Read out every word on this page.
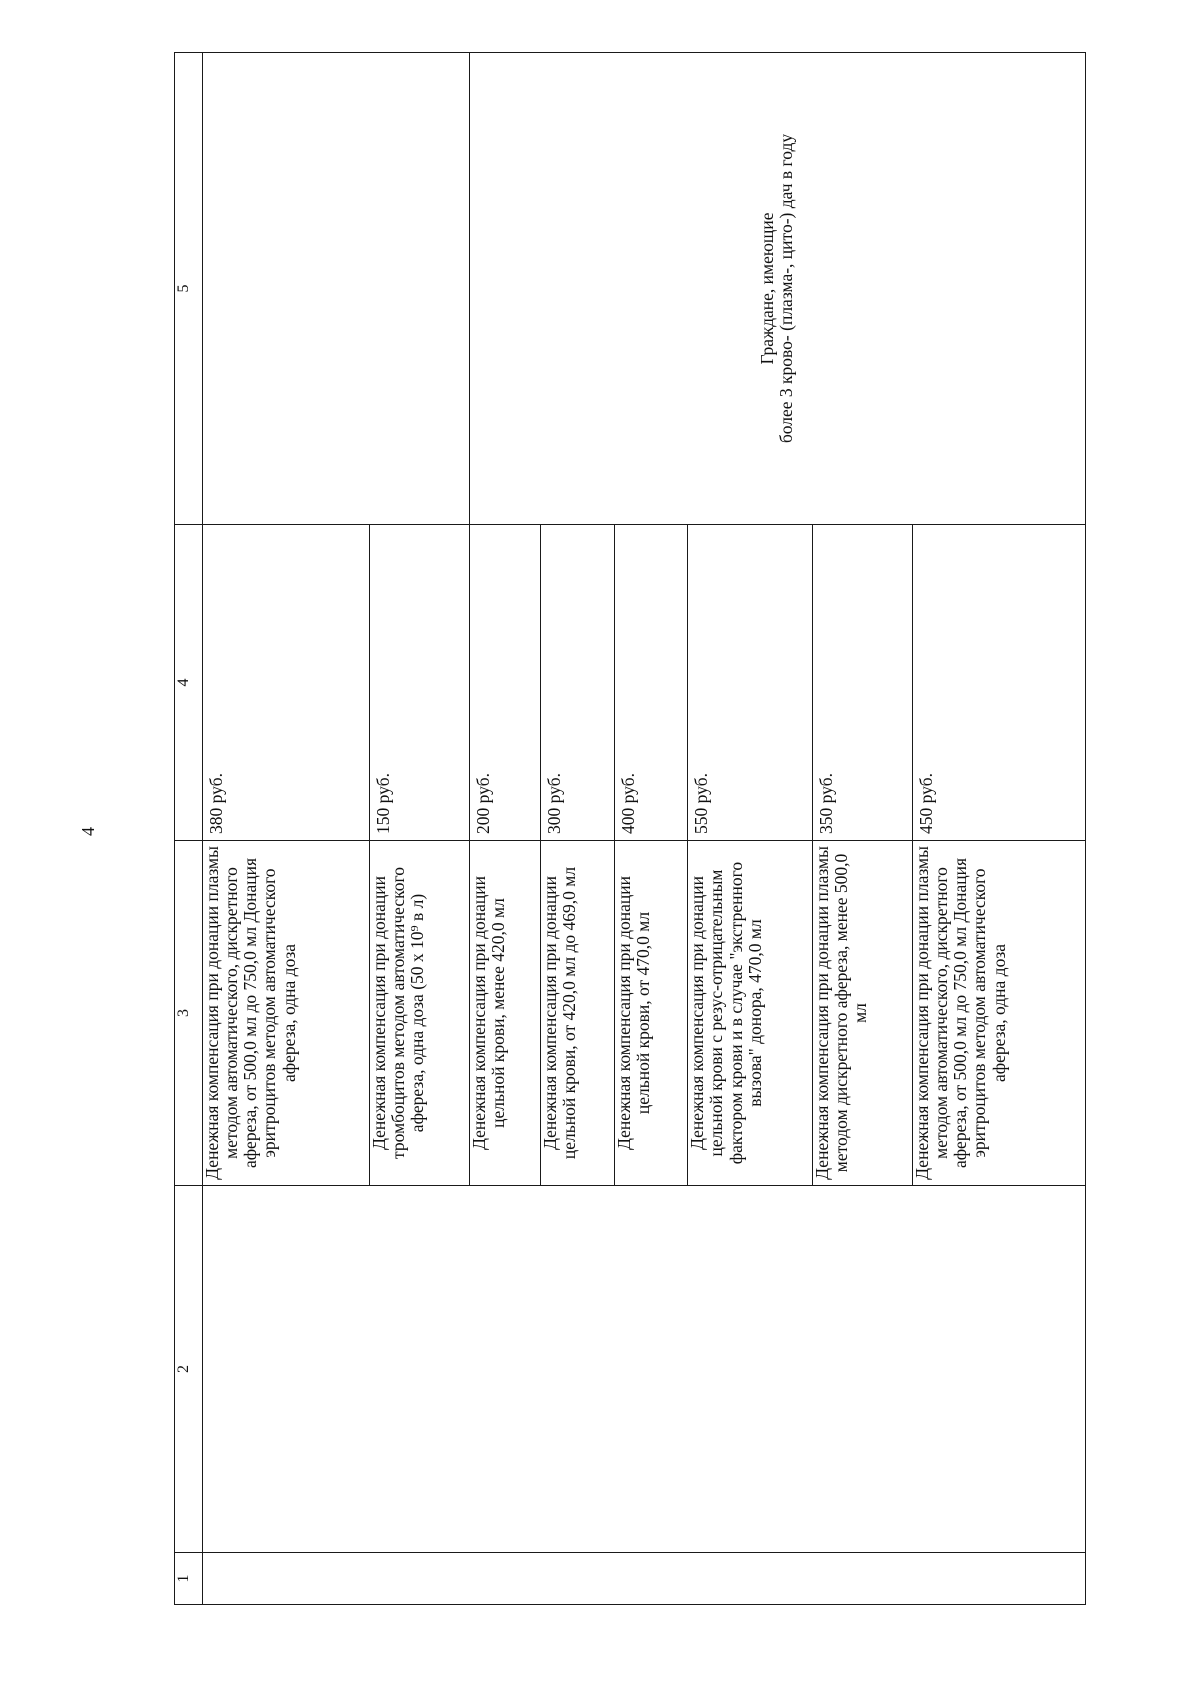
4
1	2	3	4	5
		Денежная компенсация при донации плазмы методом автоматического, дискретного афереза, от 500,0 мл до 750,0 мл Донация эритроцитов методом автоматического афереза, одна доза	380 руб.	
		Денежная компенсация при донации тромбоцитов методом автоматического афереза, одна доза (50 х 10⁹ в л)	150 руб.	
		Денежная компенсация при донации цельной крови, менее 420,0 мл	200 руб.	Граждане, имеющие более 3 крово- (плазма-, цито-) дач в году

		Денежная компенсация при донации цельной крови, от 420,0 мл до 469,0 мл	300 руб.	
		Денежная компенсация при донации цельной крови, от 470,0 мл	400 руб.	
		Денежная компенсация при донации цельной крови с резус-отрицательным фактором крови и в случае "экстренного вызова" донора, 470,0 мл	550 руб.	
		Денежная компенсация при донации плазмы методом дискретного афереза, менее 500,0 мл	350 руб.	
		Денежная компенсация при донации плазмы методом автоматического, дискретного афереза, от 500,0 мл до 750,0 мл Донация эритроцитов методом автоматического афереза, одна доза	450 руб.	
